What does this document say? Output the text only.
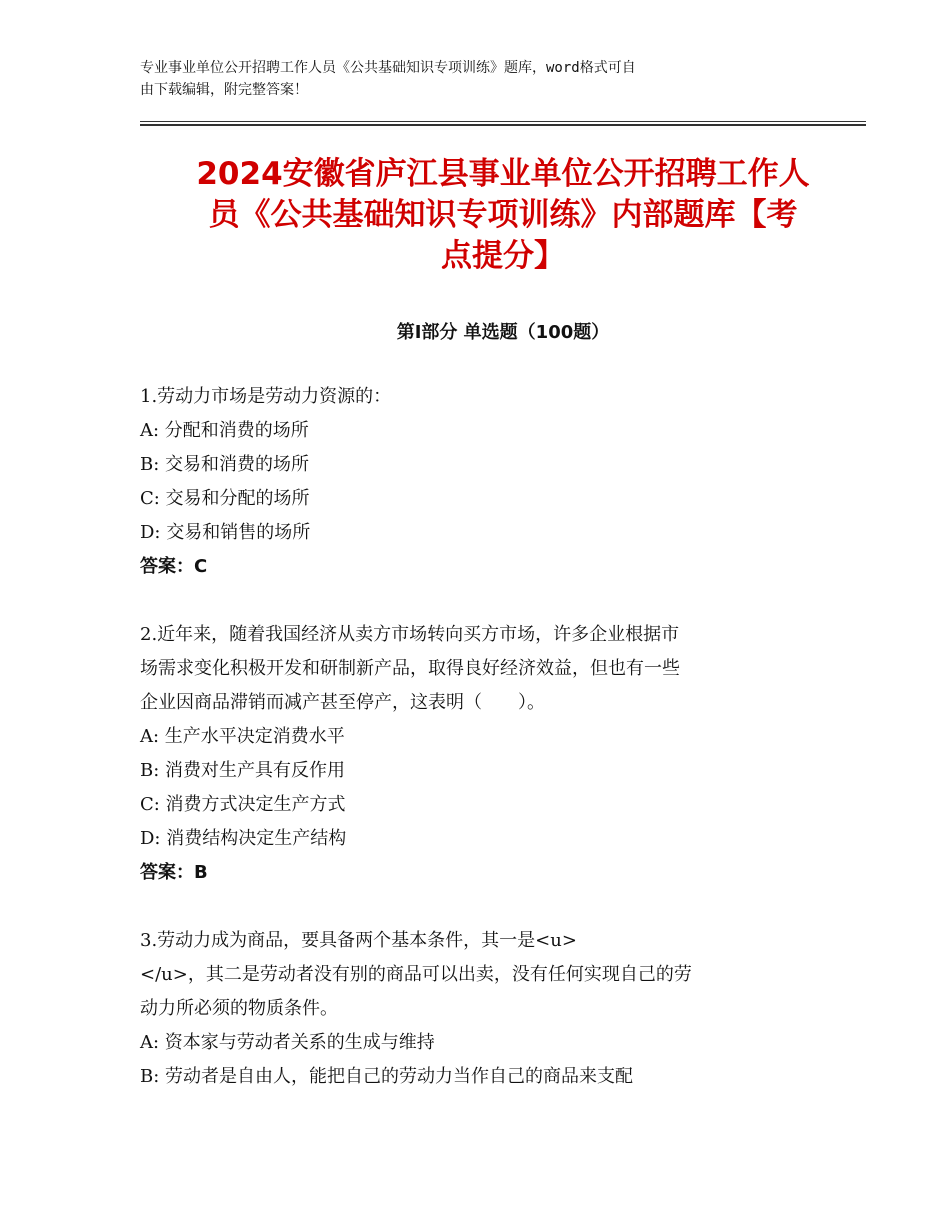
专业事业单位公开招聘工作人员《公共基础知识专项训练》题库，word格式可自
由下载编辑，附完整答案！
2024安徽省庐江县事业单位公开招聘工作人
员《公共基础知识专项训练》内部题库【考
点提分】
第Ⅰ部分 单选题（100题）
1.劳动力市场是劳动力资源的：
A: 分配和消费的场所
B: 交易和消费的场所
C: 交易和分配的场所
D: 交易和销售的场所
答案：C
2.近年来，随着我国经济从卖方市场转向买方市场，许多企业根据市
场需求变化积极开发和研制新产品，取得良好经济效益，但也有一些
企业因商品滞销而减产甚至停产，这表明（　　）。
A: 生产水平决定消费水平
B: 消费对生产具有反作用
C: 消费方式决定生产方式
D: 消费结构决定生产结构
答案：B
3.劳动力成为商品，要具备两个基本条件，其一是<u>
</u>，其二是劳动者没有别的商品可以出卖，没有任何实现自己的劳
动力所必须的物质条件。
A: 资本家与劳动者关系的生成与维持
B: 劳动者是自由人，能把自己的劳动力当作自己的商品来支配
